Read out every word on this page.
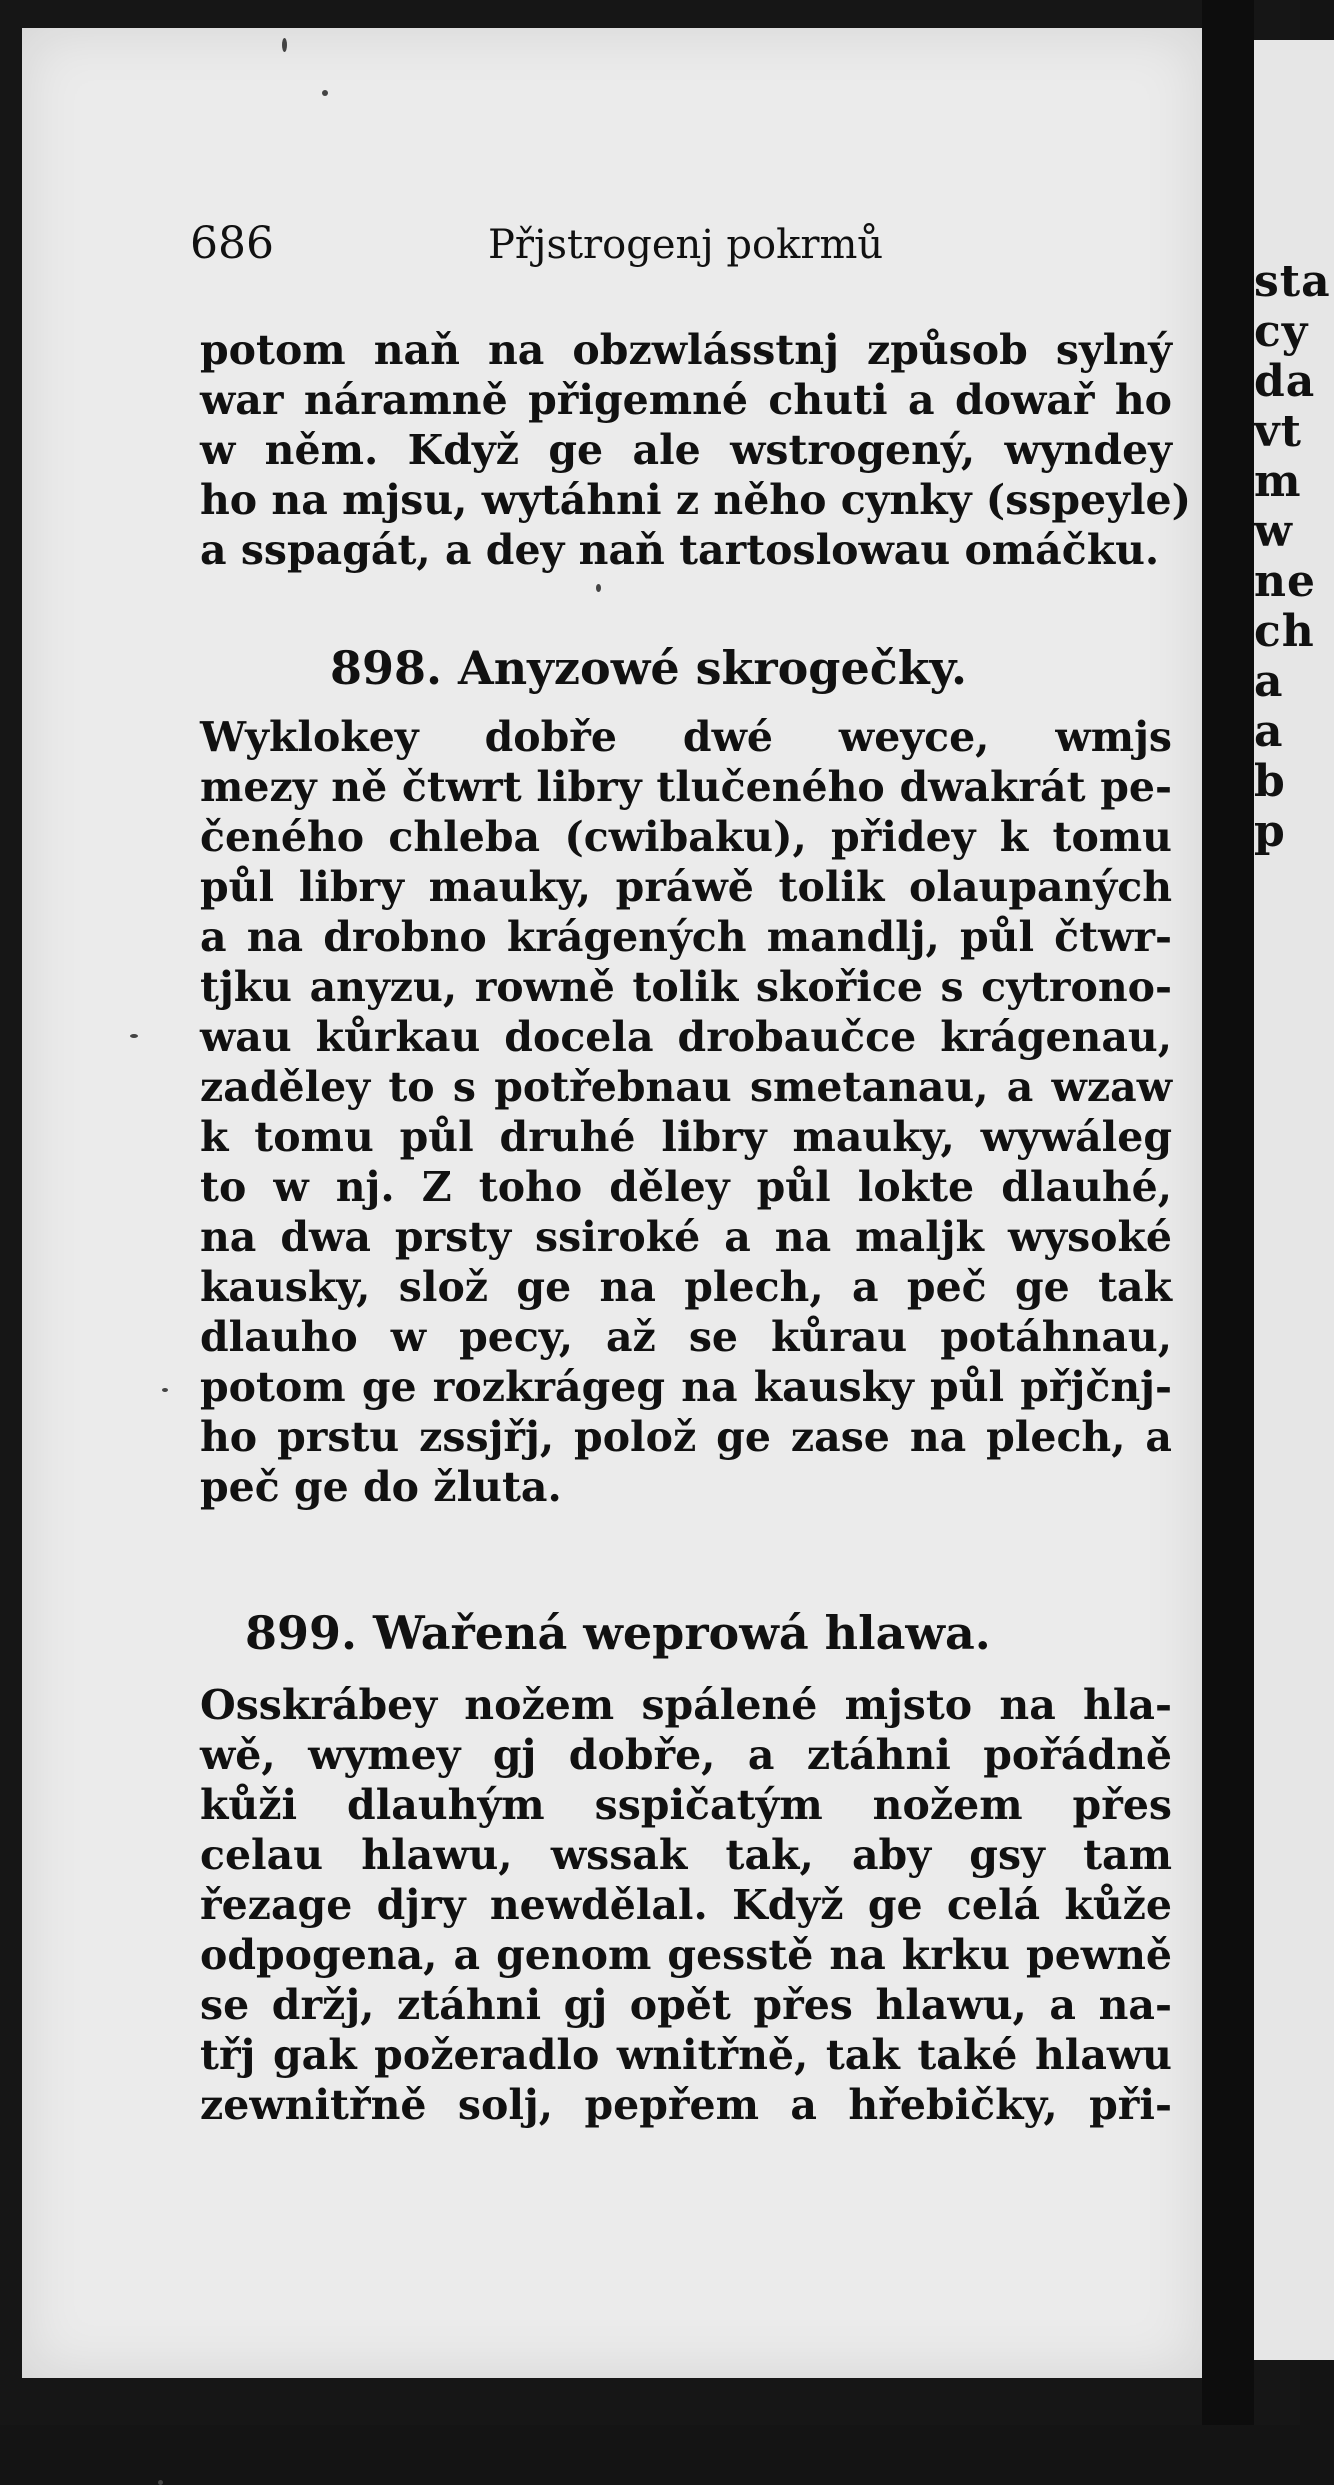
sta
cy
da
vt
m
w
ne
ch
a
a
b
p
686	Přjstrogenj pokrmů
potom naň na obzwlásstnj způsob sylný
war náramně přigemné chuti a dowař ho
w něm. Když ge ale wstrogený, wyndey
ho na mjsu, wytáhni z něho cynky (sspeyle)
a sspagát, a dey naň tartoslowau omáčku.
898. Anyzowé skrogečky.
Wyklokey dobře dwé weyce, wmjs
mezy ně čtwrt libry tlučeného dwakrát pe-
čeného chleba (cwibaku), přidey k tomu
půl libry mauky, práwě tolik olaupaných
a na drobno krágených mandlj, půl čtwr-
tjku anyzu, rowně tolik skořice s cytrono-
wau kůrkau docela drobaučce krágenau,
zaděley to s potřebnau smetanau, a wzaw
k tomu půl druhé libry mauky, wywáleg
to w nj. Z toho děley půl lokte dlauhé,
na dwa prsty ssiroké a na maljk wysoké
kausky, slož ge na plech, a peč ge tak
dlauho w pecy, až se kůrau potáhnau,
potom ge rozkrágeg na kausky půl přjčnj-
ho prstu zssjřj, polož ge zase na plech, a
peč ge do žluta.
899. Wařená weprowá hlawa.
Osskrábey nožem spálené mjsto na hla-
wě, wymey gj dobře, a ztáhni pořádně
kůži dlauhým sspičatým nožem přes
celau hlawu, wssak tak, aby gsy tam
řezage djry newdělal. Když ge celá kůže
odpogena, a genom gesstě na krku pewně
se držj, ztáhni gj opět přes hlawu, a na-
třj gak požeradlo wnitřně, tak také hlawu
zewnitřně solj, pepřem a hřebičky, při-
